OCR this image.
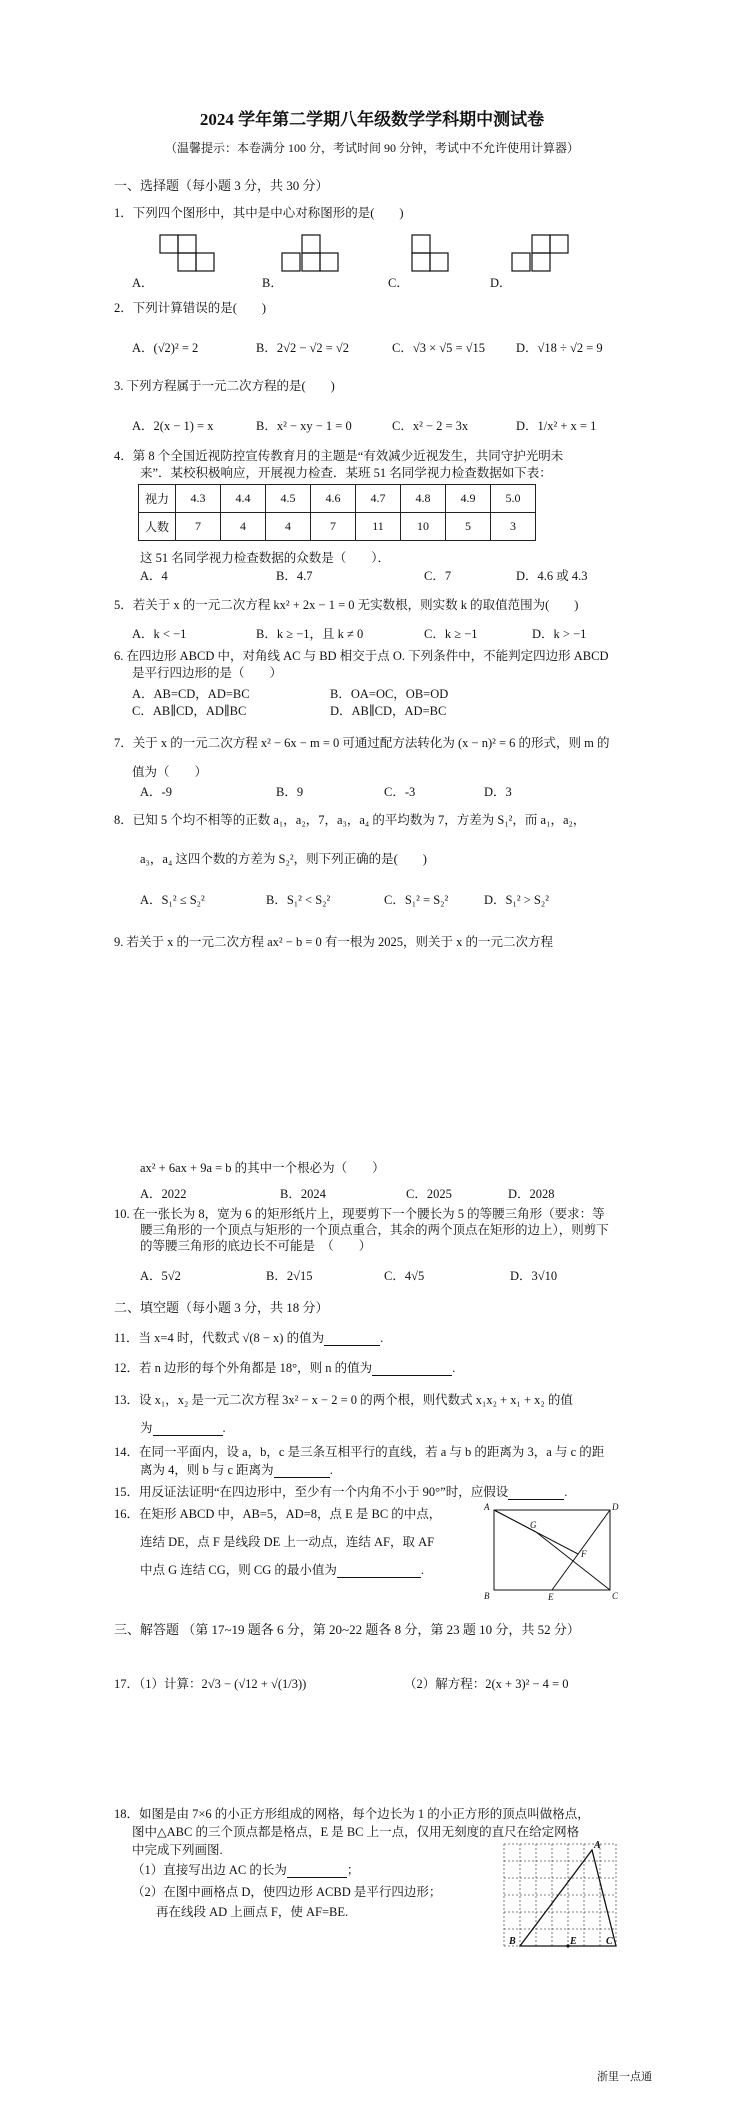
2024 学年第二学期八年级数学学科期中测试卷
（温馨提示：本卷满分 100 分，考试时间 90 分钟，考试中不允许使用计算器）
一、选择题（每小题 3 分，共 30 分）
1．下列四个图形中，其中是中心对称图形的是(　　)
A．	B．	C．	D．
2．下列计算错误的是(　　)
A．(√2)² = 2	B．2√2 − √2 = √2	C．√3 × √5 = √15 D．√18 ÷ √2 = 9
3. 下列方程属于一元二次方程的是(　　)
A．2(x − 1) = x	B．x² − xy − 1 = 0	C．x² − 2 = 3x	D．1/x² + x = 1
4．第 8 个全国近视防控宣传教育月的主题是“有效减少近视发生，共同守护光明未
来”．某校积极响应，开展视力检查．某班 51 名同学视力检查数据如下表：
视力	4.3	4.4	4.5	4.6	4.7	4.8	4.9	5.0
人数	7	4	4	7	11	10	5	3
这 51 名同学视力检查数据的众数是（　　）．
A．4	B．4.7	C．7	D．4.6 或 4.3
5．若关于 x 的一元二次方程 kx² + 2x − 1 = 0 无实数根，则实数 k 的取值范围为(　　)
A．k < −1	B．k ≥ −1，且 k ≠ 0	C．k ≥ −1	D．k > −1
6. 在四边形 ABCD 中，对角线 AC 与 BD 相交于点 O. 下列条件中，不能判定四边形 ABCD
是平行四边形的是（　　）
A．AB=CD，AD=BC	B．OA=OC，OB=OD
C．AB∥CD，AD∥BC	D．AB∥CD，AD=BC
7．关于 x 的一元二次方程 x² − 6x − m = 0 可通过配方法转化为 (x − n)² = 6 的形式，则 m 的
值为（　　）
A．-9	B．9	C．-3	D．3
8．已知 5 个均不相等的正数 a₁，a₂，7，a₃，a₄ 的平均数为 7，方差为 S₁²，而 a₁，a₂，
a₃，a₄ 这四个数的方差为 S₂²，则下列正确的是(　　)
A．S₁² ≤ S₂²	B．S₁² < S₂²	C．S₁² = S₂²	D．S₁² > S₂²
9. 若关于 x 的一元二次方程 ax² − b = 0 有一根为 2025，则关于 x 的一元二次方程
ax² + 6ax + 9a = b 的其中一个根必为（　　）
A．2022	B．2024	C．2025	D．2028
10. 在一张长为 8，宽为 6 的矩形纸片上，现要剪下一个腰长为 5 的等腰三角形（要求：等
腰三角形的一个顶点与矩形的一个顶点重合，其余的两个顶点在矩形的边上），则剪下
的等腰三角形的底边长不可能是　（　　）
A．5√2	B．2√15	C．4√5	D．3√10
二、填空题（每小题 3 分，共 18 分）
11．当 x=4 时，代数式 √(8 − x) 的值为	.
12．若 n 边形的每个外角都是 18°，则 n 的值为	.
13．设 x₁，x₂ 是一元二次方程 3x² − x − 2 = 0 的两个根，则代数式 x₁x₂ + x₁ + x₂ 的值
为	.
14．在同一平面内，设 a，b，c 是三条互相平行的直线，若 a 与 b 的距离为 3，a 与 c 的距
离为 4，则 b 与 c 距离为	.
15．用反证法证明“在四边形中，至少有一个内角不小于 90°”时，应假设	.
16．在矩形 ABCD 中，AB=5，AD=8，点 E 是 BC 的中点，
连结 DE，点 F 是线段 DE 上一动点，连结 AF，取 AF
中点 G 连结 CG，则 CG 的最小值为	.
A	D
G
F
B	E	C
三、解答题 （第 17~19 题各 6 分，第 20~22 题各 8 分，第 23 题 10 分，共 52 分）
17．（1）计算：2√3 − (√12 + √(1/3))	（2）解方程：2(x + 3)² − 4 = 0
18．如图是由 7×6 的小正方形组成的网格，每个边长为 1 的小正方形的顶点叫做格点，
图中△ABC 的三个顶点都是格点，E 是 BC 上一点，仅用无刻度的直尺在给定网格
中完成下列画图.
（1）直接写出边 AC 的长为	；
（2）在图中画格点 D，使四边形 ACBD 是平行四边形；
再在线段 AD 上画点 F，使 AF=BE.
A
B	E	C
浙里一点通
